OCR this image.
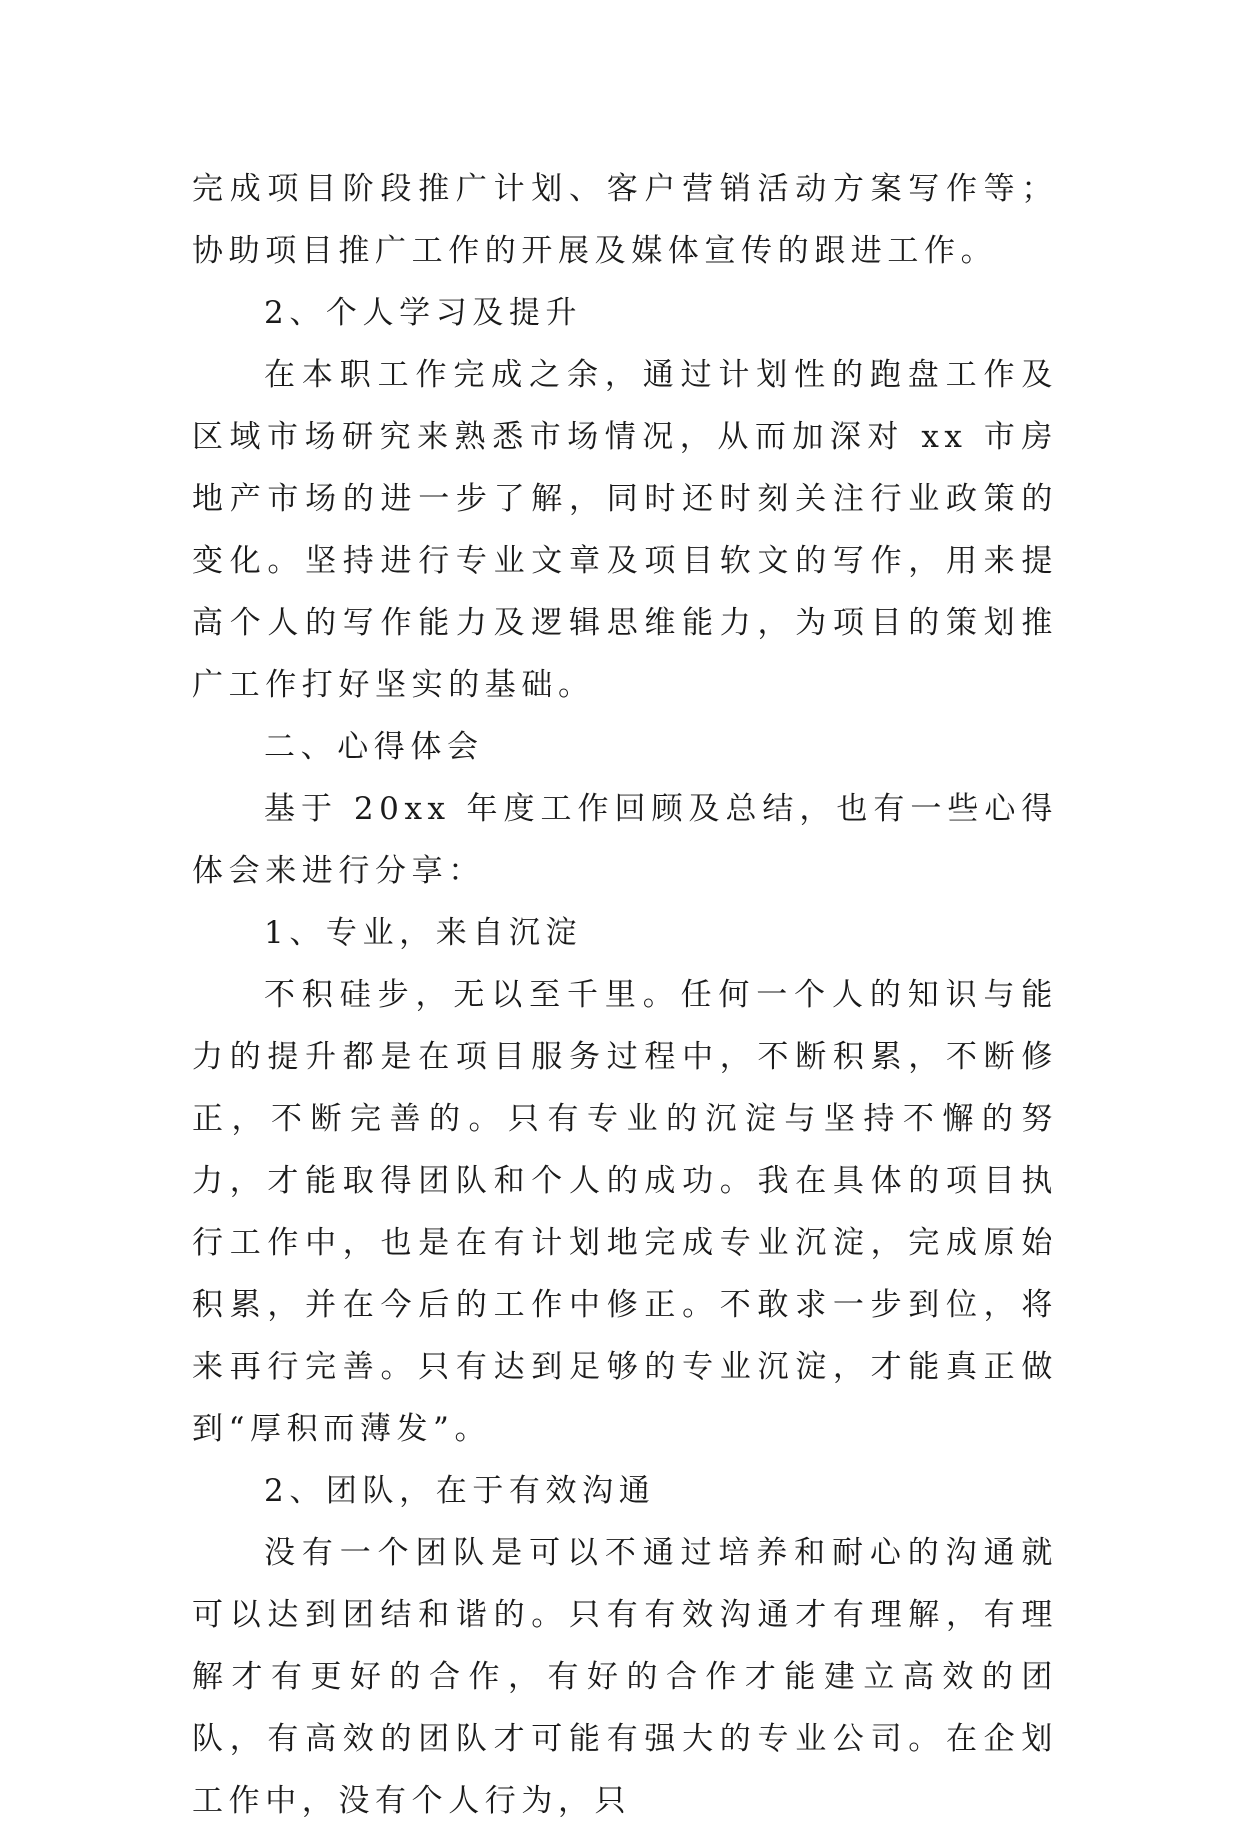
完成项目阶段推广计划、客户营销活动方案写作等；协助项目推广工作的开展及媒体宣传的跟进工作。

2、个人学习及提升

在本职工作完成之余，通过计划性的跑盘工作及区域市场研究来熟悉市场情况，从而加深对 xx 市房地产市场的进一步了解，同时还时刻关注行业政策的变化。坚持进行专业文章及项目软文的写作，用来提高个人的写作能力及逻辑思维能力，为项目的策划推广工作打好坚实的基础。

二、心得体会

基于 20xx 年度工作回顾及总结，也有一些心得体会来进行分享：

1、专业，来自沉淀

不积硅步，无以至千里。任何一个人的知识与能力的提升都是在项目服务过程中，不断积累，不断修正，不断完善的。只有专业的沉淀与坚持不懈的努力，才能取得团队和个人的成功。我在具体的项目执行工作中，也是在有计划地完成专业沉淀，完成原始积累，并在今后的工作中修正。不敢求一步到位，将来再行完善。只有达到足够的专业沉淀，才能真正做到“厚积而薄发”。

2、团队，在于有效沟通

没有一个团队是可以不通过培养和耐心的沟通就可以达到团结和谐的。只有有效沟通才有理解，有理解才有更好的合作，有好的合作才能建立高效的团队，有高效的团队才可能有强大的专业公司。在企划工作中，没有个人行为，只
